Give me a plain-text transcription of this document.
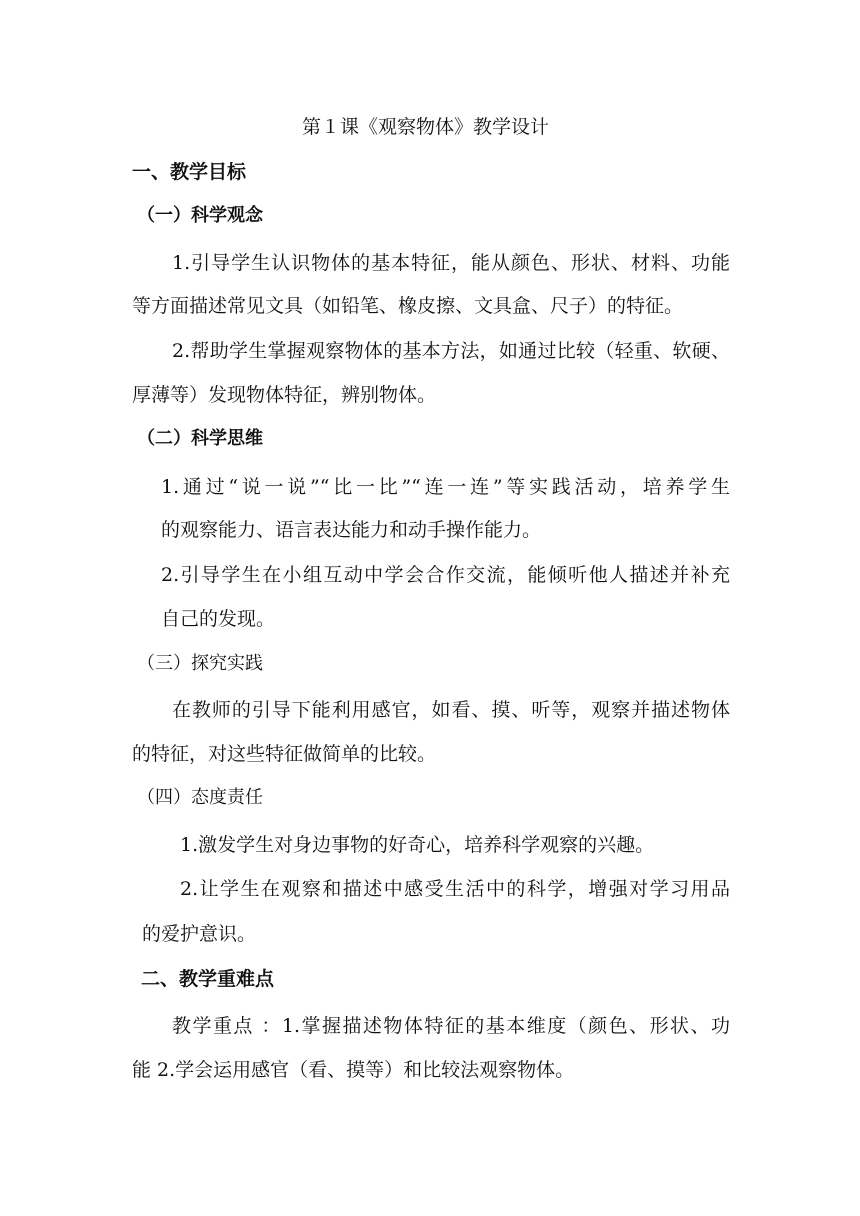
第１课《观察物体》教学设计
一、教学目标
（一）科学观念
1.引导学生认识物体的基本特征，能从颜色、形状、材料、功能
等方面描述常见文具（如铅笔、橡皮擦、文具盒、尺子）的特征。
2.帮助学生掌握观察物体的基本方法，如通过比较（轻重、软硬、
厚薄等）发现物体特征，辨别物体。
（二）科学思维
1.通过“说一说”“比一比”“连一连”等实践活动，培养学生
的观察能力、语言表达能力和动手操作能力。
2.引导学生在小组互动中学会合作交流，能倾听他人描述并补充
自己的发现。
（三）探究实践
在教师的引导下能利用感官，如看、摸、听等，观察并描述物体
的特征，对这些特征做简单的比较。
（四）态度责任
1.激发学生对身边事物的好奇心，培养科学观察的兴趣。
2.让学生在观察和描述中感受生活中的科学，增强对学习用品
的爱护意识。
二、教学重难点
教学重点 ：1.掌握描述物体特征的基本维度（颜色、形状、功
能 2.学会运用感官（看、摸等）和比较法观察物体。
